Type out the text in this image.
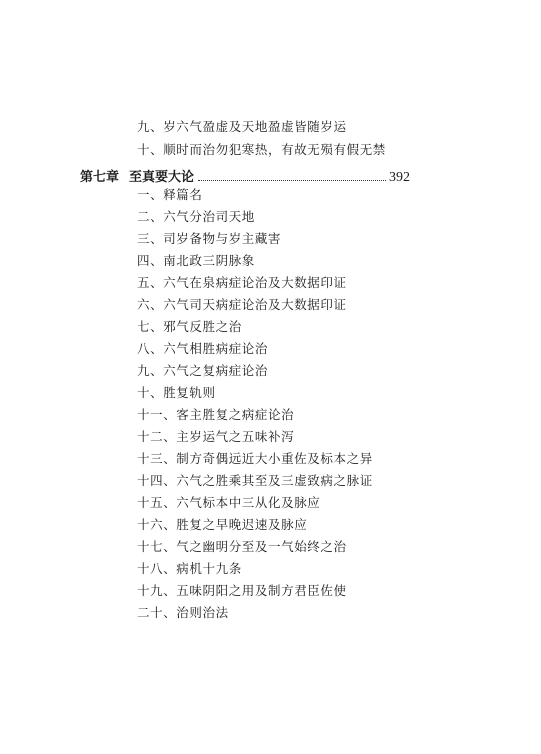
九、岁六气盈虚及天地盈虚皆随岁运
十、顺时而治勿犯寒热，有故无殒有假无禁
第七章 至真要大论	392
一、释篇名
二、六气分治司天地
三、司岁备物与岁主藏害
四、南北政三阴脉象
五、六气在泉病症论治及大数据印证
六、六气司天病症论治及大数据印证
七、邪气反胜之治
八、六气相胜病症论治
九、六气之复病症论治
十、胜复轨则
十一、客主胜复之病症论治
十二、主岁运气之五味补泻
十三、制方奇偶远近大小重佐及标本之异
十四、六气之胜乘其至及三虚致病之脉证
十五、六气标本中三从化及脉应
十六、胜复之早晚迟速及脉应
十七、气之幽明分至及一气始终之治
十八、病机十九条
十九、五味阴阳之用及制方君臣佐使
二十、治则治法
